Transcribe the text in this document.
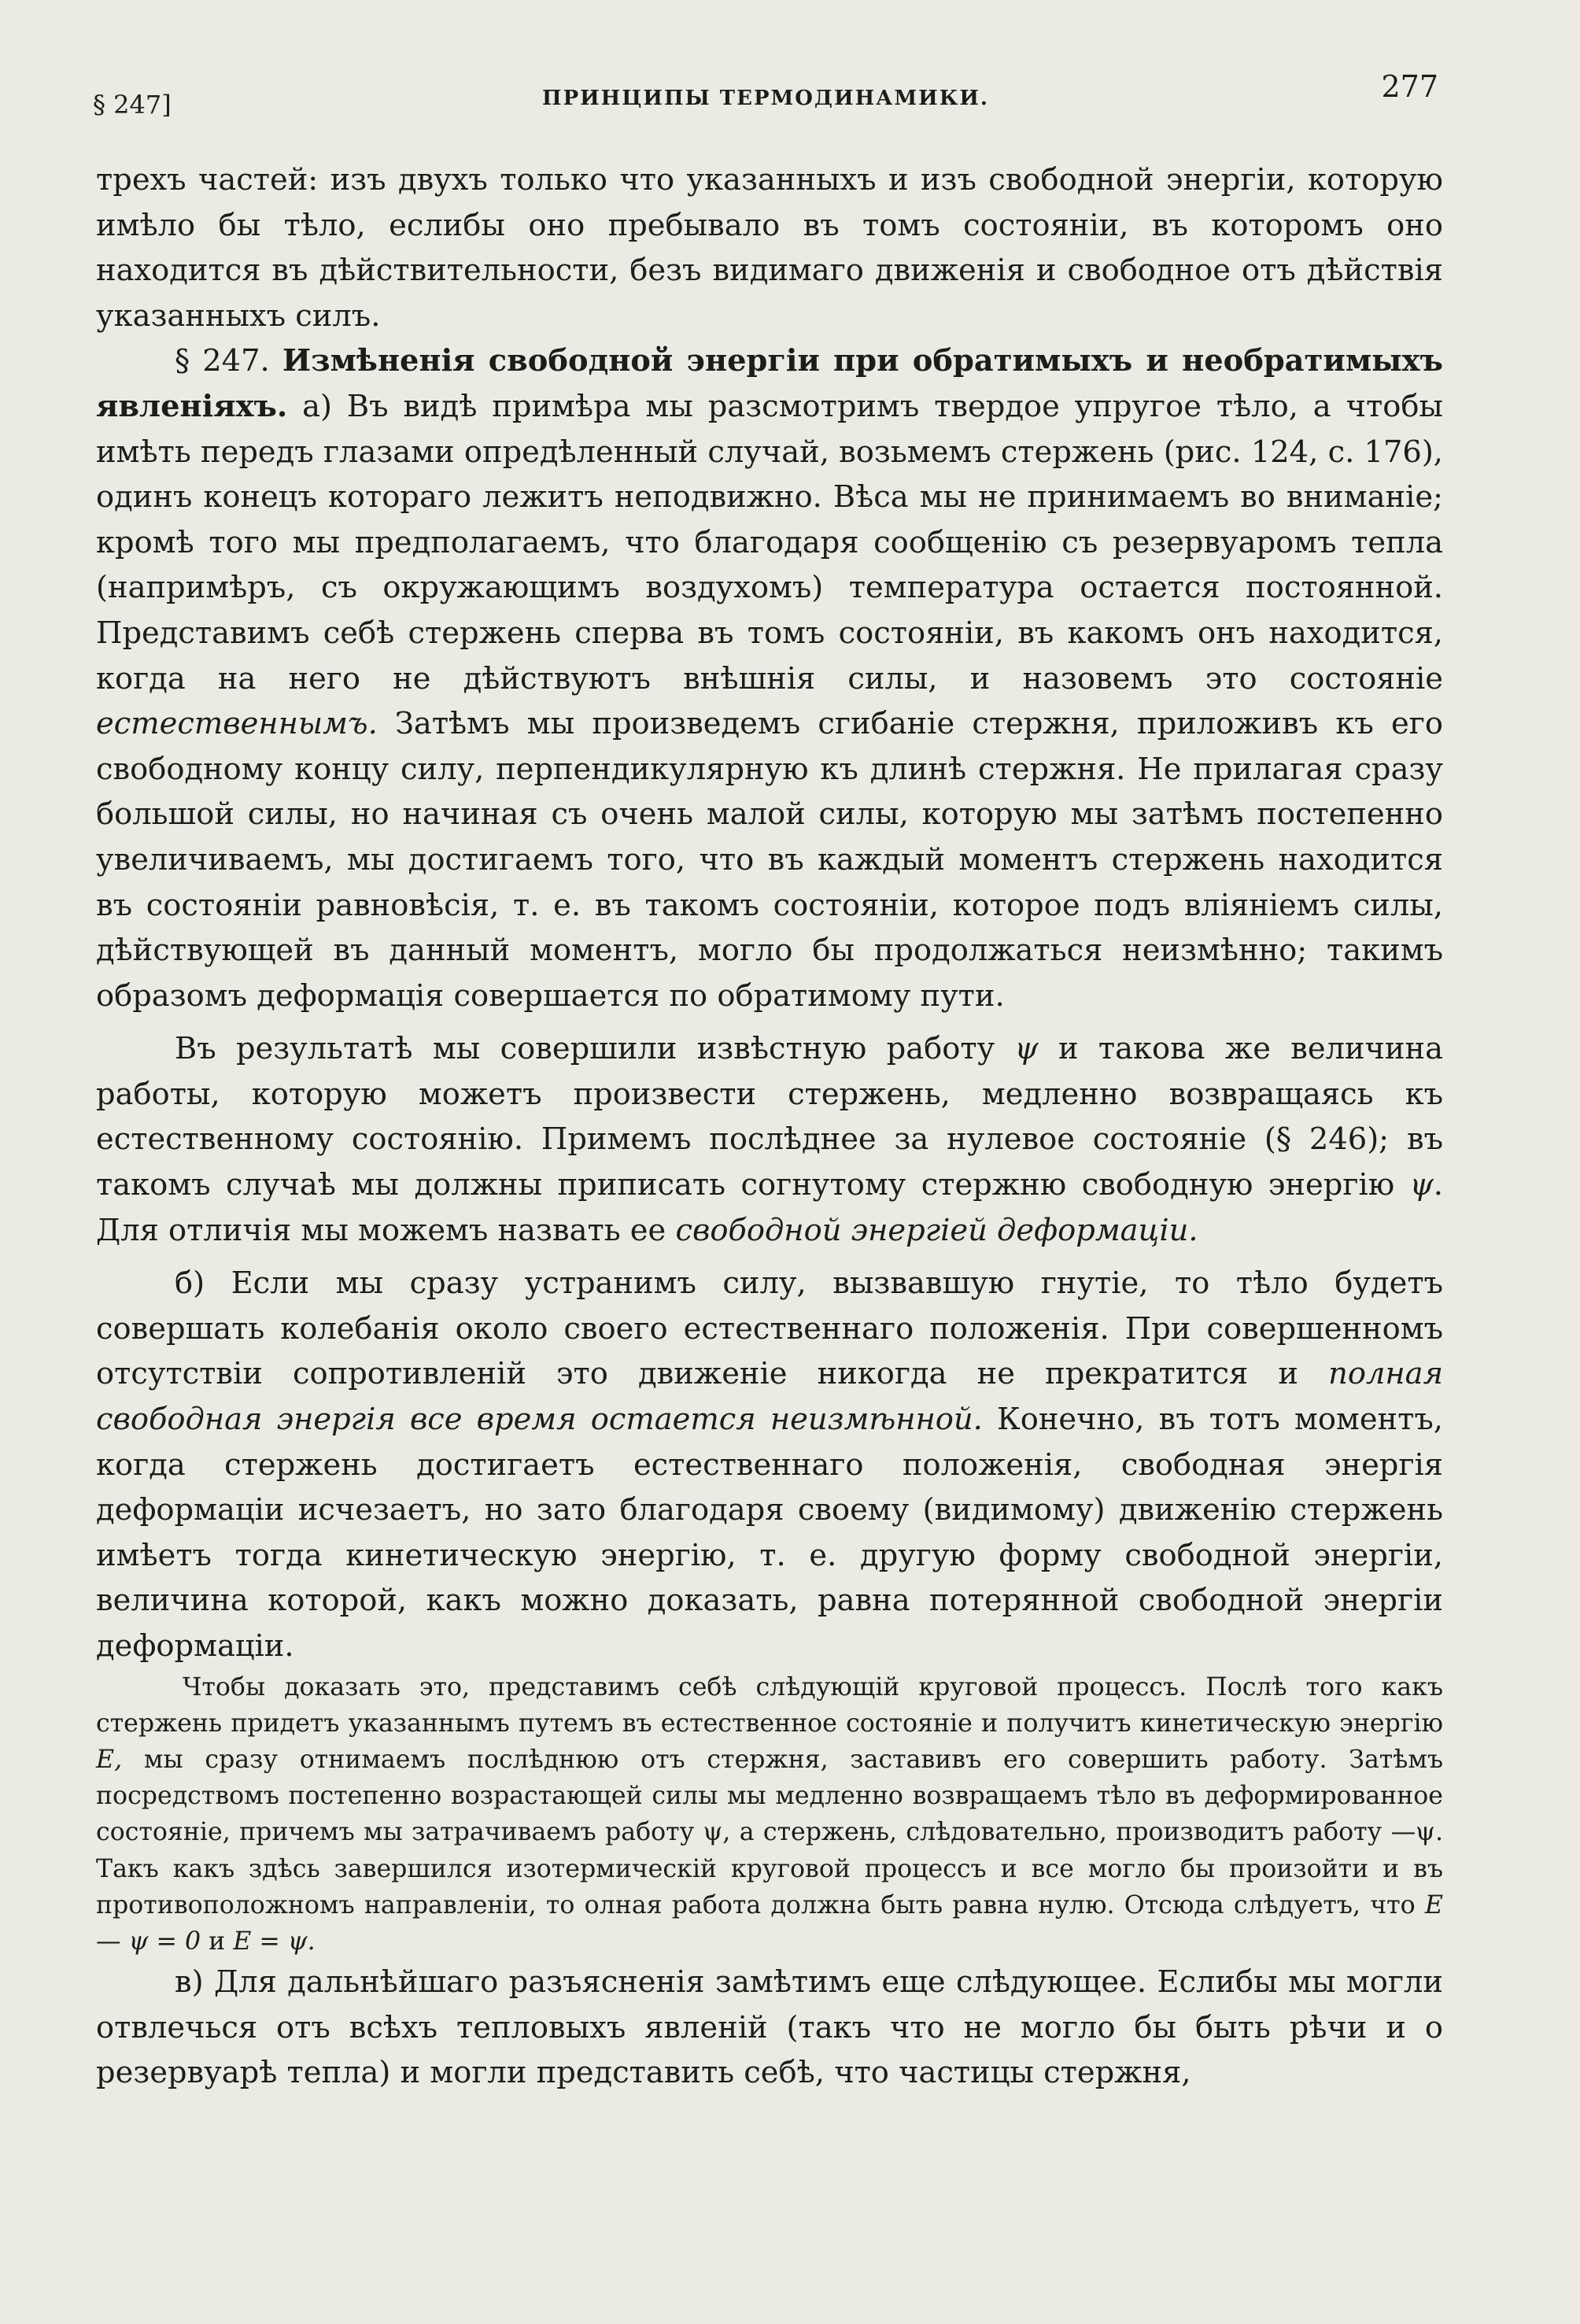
§ 247]	ПРИНЦИПЫ ТЕРМОДИНАМИКИ.	277

трехъ частей: изъ двухъ только что указанныхъ и изъ свободной энергiи, которую имѣло бы тѣло, еслибы оно пребывало въ томъ состоянiи, въ которомъ оно находится въ дѣйствительности, безъ видимаго движенiя и свободное отъ дѣйствiя указанныхъ силъ.

§ 247. Измѣненiя свободной энергiи при обратимыхъ и необратимыхъ явленiяхъ. а) Въ видѣ примѣра мы разсмотримъ твердое упругое тѣло, а чтобы имѣть передъ глазами опредѣленный случай, возьмемъ стержень (рис. 124, с. 176), одинъ конецъ котораго лежитъ неподвижно. Вѣса мы не принимаемъ во вниманiе; кромѣ того мы предполагаемъ, что благодаря сообщенiю съ резервуаромъ тепла (напримѣръ, съ окружающимъ воздухомъ) температура остается постоянной. Представимъ себѣ стержень сперва въ томъ состоянiи, въ какомъ онъ находится, когда на него не дѣйствуютъ внѣшнiя силы, и назовемъ это состоянiе естественнымъ. Затѣмъ мы произведемъ сгибанiе стержня, приложивъ къ его свободному концу силу, перпендикулярную къ длинѣ стержня. Не прилагая сразу большой силы, но начиная съ очень малой силы, которую мы затѣмъ постепенно увеличиваемъ, мы достигаемъ того, что въ каждый моментъ стержень находится въ состоянiи равновѣсiя, т. е. въ такомъ состоянiи, которое подъ влiянiемъ силы, дѣйствующей въ данный моментъ, могло бы продолжаться неизмѣнно; такимъ образомъ деформацiя совершается по обратимому пути.

Въ результатѣ мы совершили извѣстную работу ψ и такова же величина работы, которую можетъ произвести стержень, медленно возвращаясь къ естественному состоянiю. Примемъ послѣднее за нулевое состоянiе (§ 246); въ такомъ случаѣ мы должны приписать согнутому стержню свободную энергiю ψ. Для отличiя мы можемъ назвать ее свободной энергiей деформацiи.

б) Если мы сразу устранимъ силу, вызвавшую гнутiе, то тѣло будетъ совершать колебанiя около своего естественнаго положенiя. При совершенномъ отсутствiи сопротивленiй это движенiе никогда не прекратится и полная свободная энергiя все время остается неизмѣнной. Конечно, въ тотъ моментъ, когда стержень достигаетъ естественнаго положенiя, свободная энергiя деформацiи исчезаетъ, но зато благодаря своему (видимому) движенiю стержень имѣетъ тогда кинетическую энергiю, т. е. другую форму свободной энергiи, величина которой, какъ можно доказать, равна потерянной свободной энергiи деформацiи.

Чтобы доказать это, представимъ себѣ слѣдующiй круговой процессъ. Послѣ того какъ стержень придетъ указаннымъ путемъ въ естественное состоянiе и получитъ кинетическую энергiю E, мы сразу отнимаемъ послѣднюю отъ стержня, заставивъ его совершить работу. Затѣмъ посредствомъ постепенно возрастающей силы мы медленно возвращаемъ тѣло въ деформированное состоянiе, причемъ мы затрачиваемъ работу ψ, а стержень, слѣдовательно, производитъ работу —ψ. Такъ какъ здѣсь завершился изотермическiй круговой процессъ и все могло бы произойти и въ противоположномъ направленiи, то олная работа должна быть равна нулю. Отсюда слѣдуетъ, что E — ψ = 0 и E = ψ.

в) Для дальнѣйшаго разъясненiя замѣтимъ еще слѣдующее. Еслибы мы могли отвлечься отъ всѣхъ тепловыхъ явленiй (такъ что не могло бы быть рѣчи и о резервуарѣ тепла) и могли представить себѣ, что частицы стержня,
